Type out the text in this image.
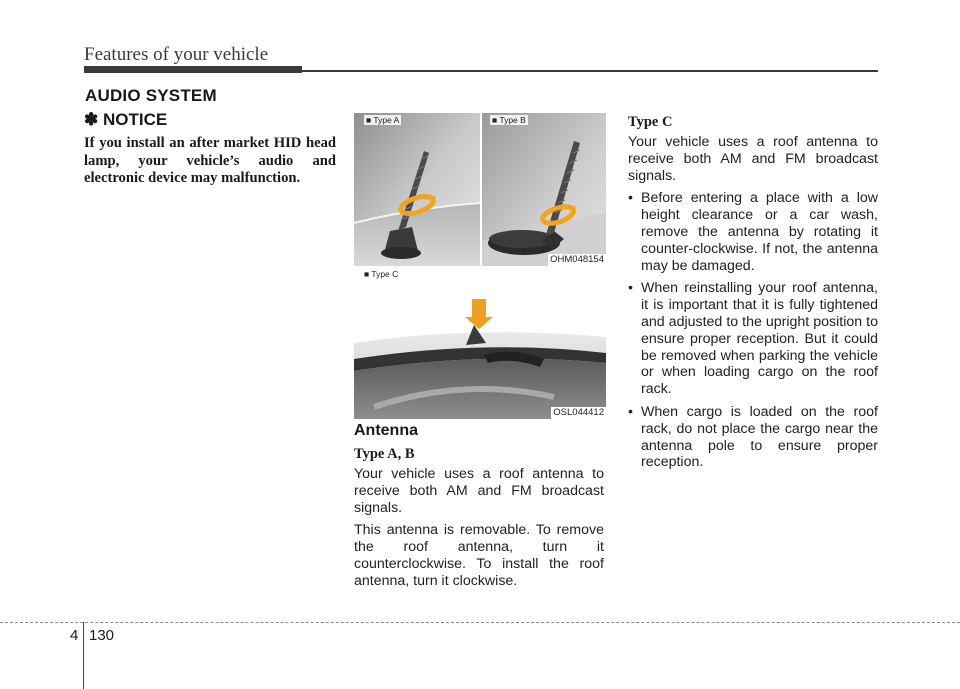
Features of your vehicle
AUDIO SYSTEM
✽ NOTICE
If you install an after market HID head lamp, your vehicle’s audio and electronic device may malfunction.
■ Type A	■ Type B
OHM048154
■ Type C
OSL044412
Antenna
Type A, B

Your vehicle uses a roof antenna to receive both AM and FM broadcast signals.

This antenna is removable. To remove the roof antenna, turn it counterclockwise. To install the roof antenna, turn it clockwise.

Type C

Your vehicle uses a roof antenna to receive both AM and FM broadcast signals.

• Before entering a place with a low height clearance or a car wash, remove the antenna by rotating it counter-clockwise. If not, the antenna may be damaged.
• When reinstalling your roof antenna, it is important that it is fully tightened and adjusted to the upright position to ensure proper reception. But it could be removed when parking the vehicle or when loading cargo on the roof rack.
• When cargo is loaded on the roof rack, do not place the cargo near the antenna pole to ensure proper reception.
4 130
